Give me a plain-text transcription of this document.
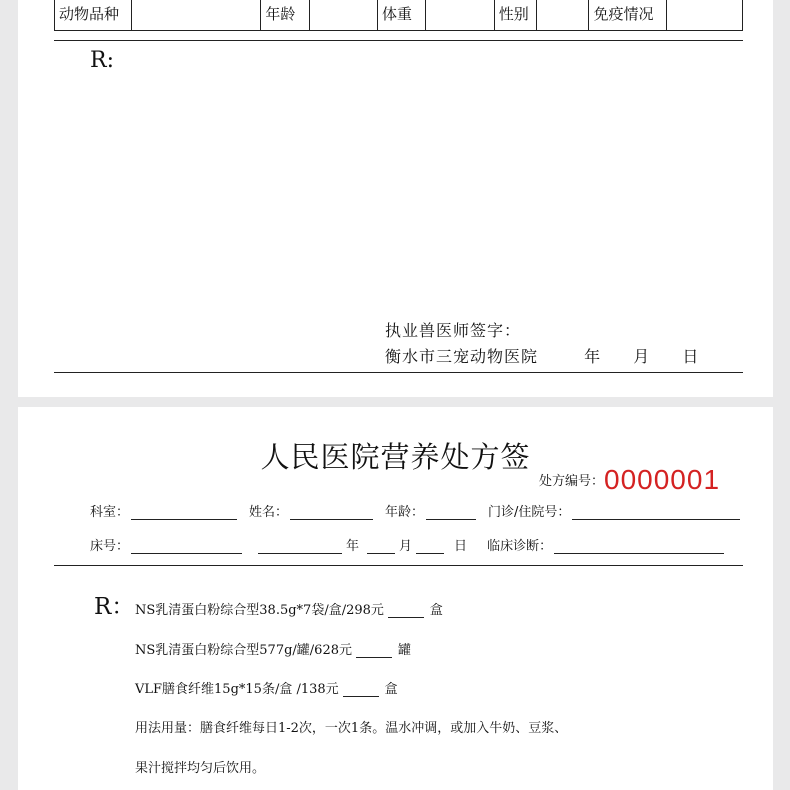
动物品种	年龄	体重	性别	免疫情况
R:
执业兽医师签字：
衡水市三宠动物医院	年 月 日
人民医院营养处方签
处方编号：0000001
科室：	姓名：	年龄：	门诊/住院号：
床号：	年	月	日 临床诊断：
R： NS乳清蛋白粉综合型38.5g*7袋/盒/298元	盒
NS乳清蛋白粉综合型577g/罐/628元	罐
VLF膳食纤维15g*15条/盒 /138元	盒
用法用量：膳食纤维每日1-2次，一次1条。温水冲调，或加入牛奶、豆浆、
果汁搅拌均匀后饮用。
